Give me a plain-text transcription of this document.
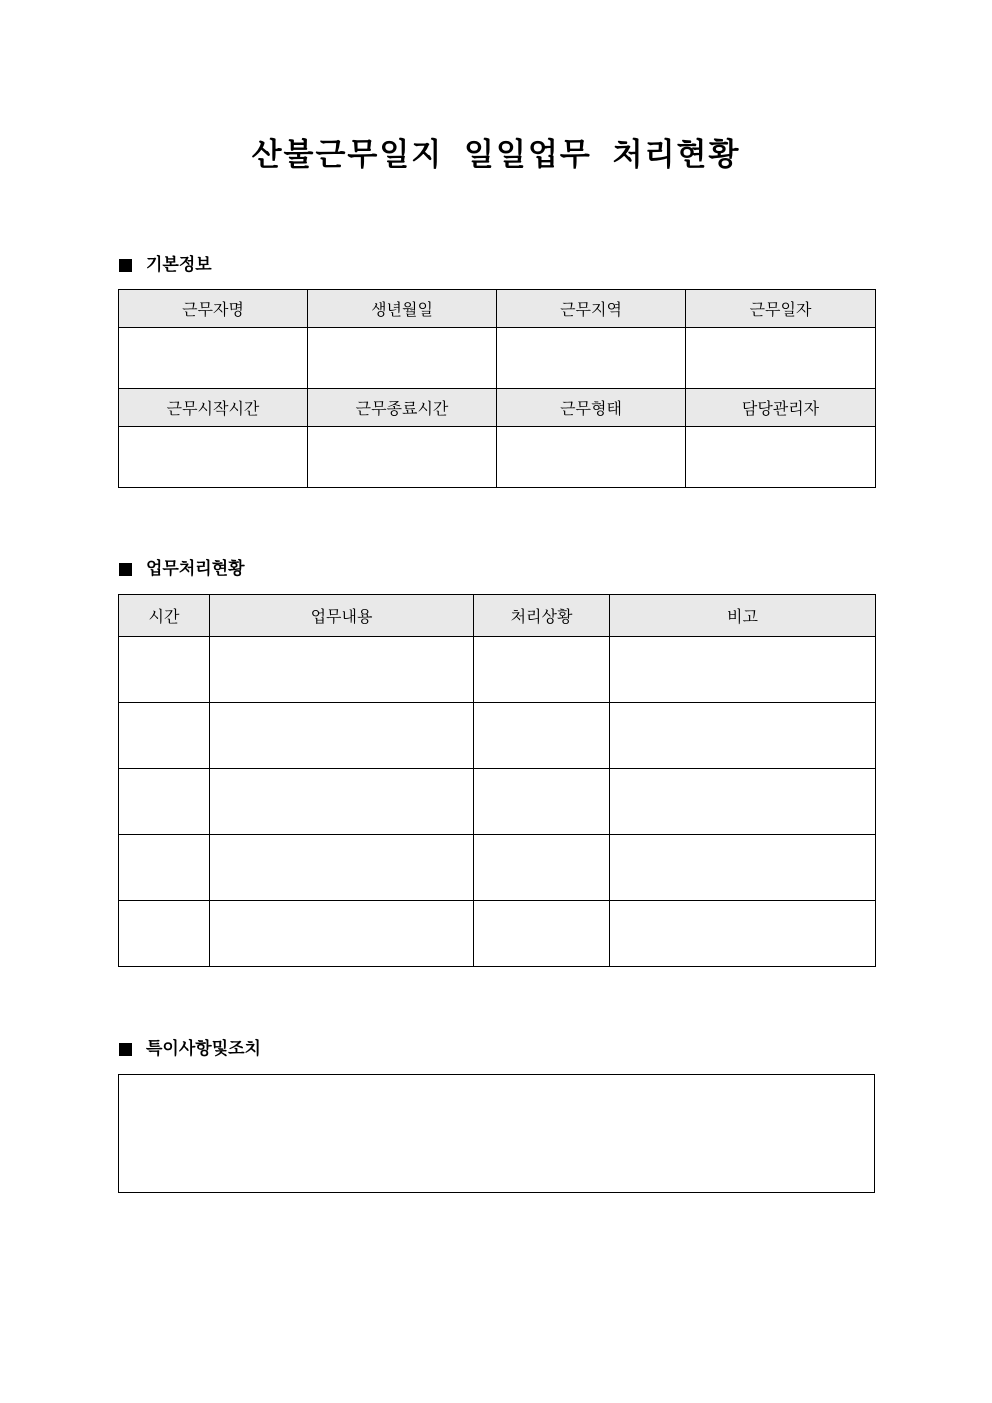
산불근무일지 일일업무 처리현황
기본정보
근무자명	생년월일	근무지역	근무일자

근무시작시간	근무종료시간	근무형태	담당관리자

업무처리현황
시간	업무내용	처리상황	비고

특이사항및조치
